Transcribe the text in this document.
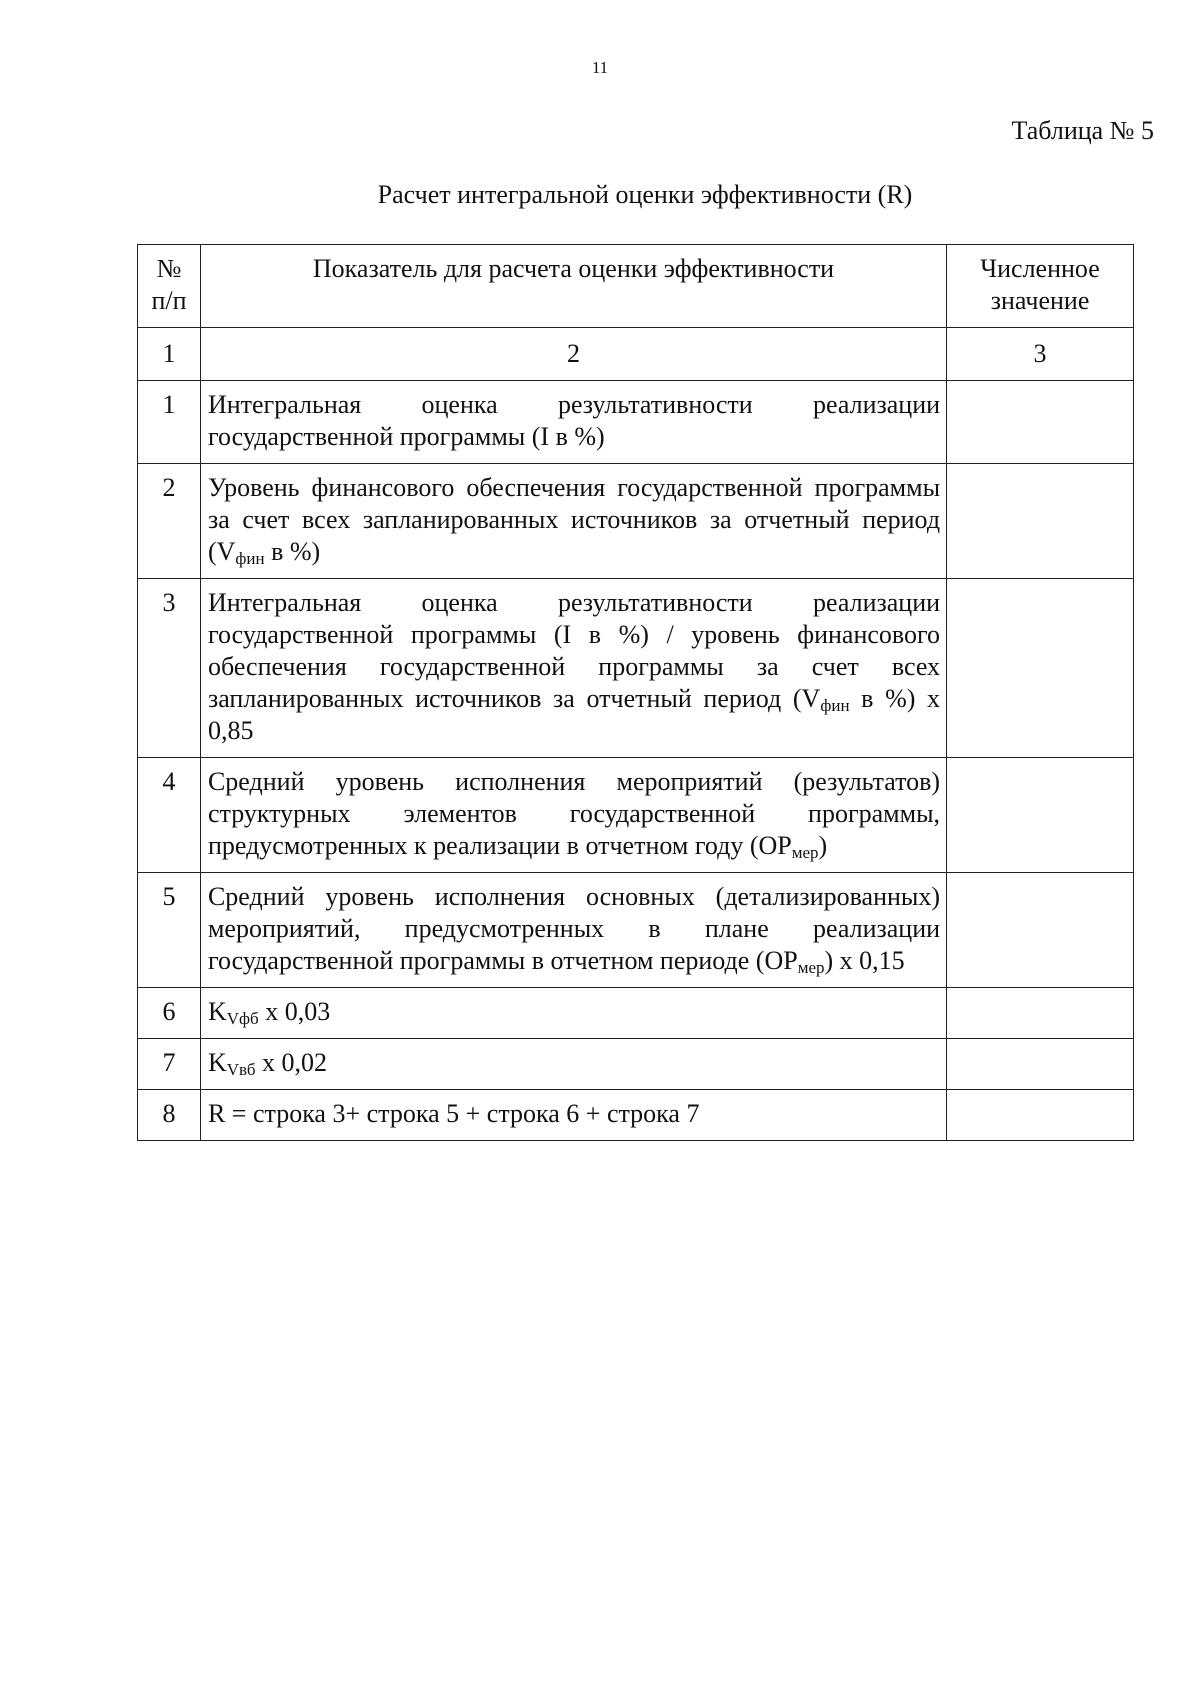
11
Таблица № 5
Расчет интегральной оценки эффективности (R)
№ п/п	Показатель для расчета оценки эффективности	Численное значение
1	2	3
1	Интегральная оценка результативности реализации государственной программы (I в %)	
2	Уровень финансового обеспечения государственной программы за счет всех запланированных источников за отчетный период ($V_{фин}$ в %)	
3	Интегральная оценка результативности реализации государственной программы (I в %) / уровень финансового обеспечения государственной программы за счет всех запланированных источников за отчетный период ($V_{фин}$ в %) х 0,85	
4	Средний уровень исполнения мероприятий (результатов) структурных элементов государственной программы, предусмотренных к реализации в отчетном году $(ОР_{мер})$	
5	Средний уровень исполнения основных (детализированных) мероприятий, предусмотренных в плане реализации государственной программы в отчетном периоде $(ОР_{мер})$ х 0,15	
6	$K_{Vфб}$ х 0,03	
7	$K_{Vвб}$ х 0,02	
8	R = строка 3+ строка 5 + строка 6 + строка 7	
